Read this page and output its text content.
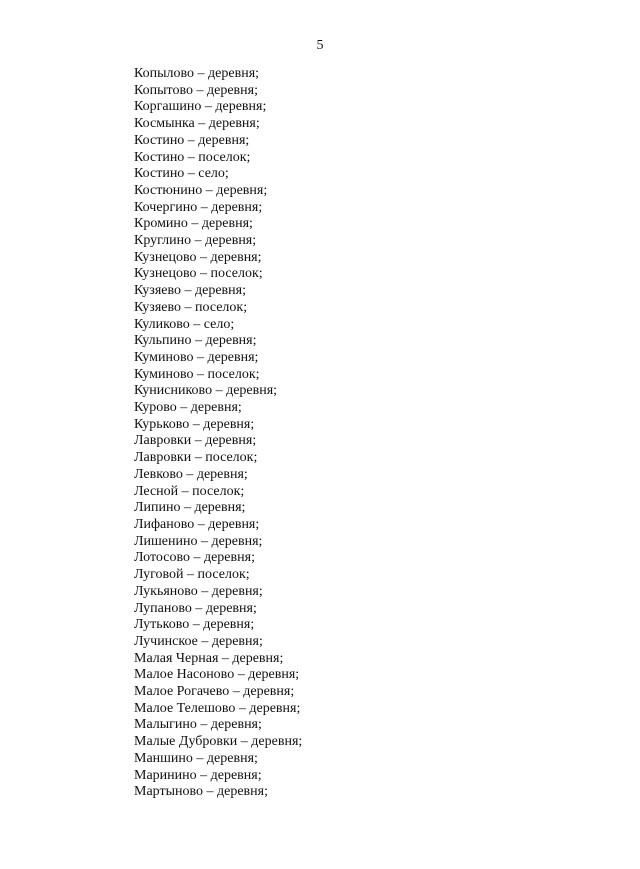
5
Копылово – деревня;
Копытово – деревня;
Коргашино – деревня;
Космынка – деревня;
Костино – деревня;
Костино – поселок;
Костино – село;
Костюнино – деревня;
Кочергино – деревня;
Кромино – деревня;
Круглино – деревня;
Кузнецово – деревня;
Кузнецово – поселок;
Кузяево – деревня;
Кузяево – поселок;
Куликово – село;
Кульпино – деревня;
Куминово – деревня;
Куминово – поселок;
Кунисниково – деревня;
Курово – деревня;
Курьково – деревня;
Лавровки – деревня;
Лавровки – поселок;
Левково – деревня;
Лесной – поселок;
Липино – деревня;
Лифаново – деревня;
Лишенино – деревня;
Лотосово – деревня;
Луговой – поселок;
Лукьяново – деревня;
Лупаново – деревня;
Лутьково – деревня;
Лучинское – деревня;
Малая Черная – деревня;
Малое Насоново – деревня;
Малое Рогачево – деревня;
Малое Телешово – деревня;
Малыгино – деревня;
Малые Дубровки – деревня;
Маншино – деревня;
Маринино – деревня;
Мартыново – деревня;
